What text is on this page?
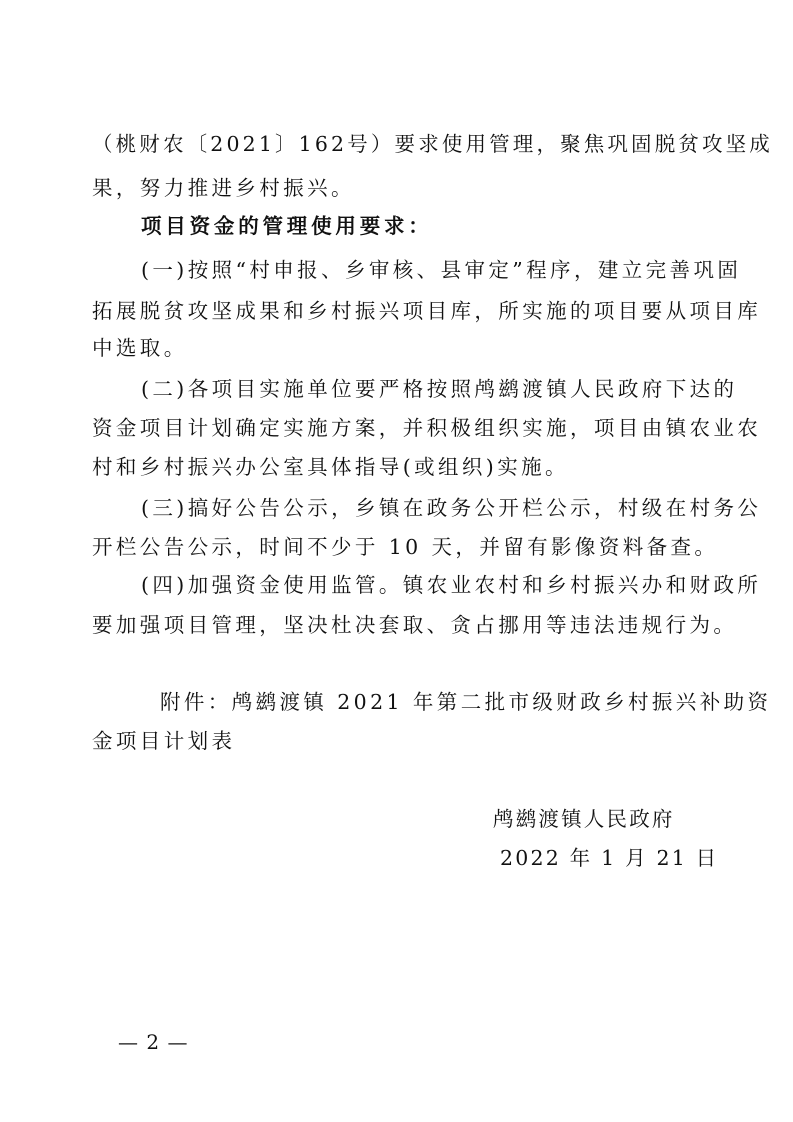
（桃财农〔2021〕162号）要求使用管理，聚焦巩固脱贫攻坚成
果，努力推进乡村振兴。
项目资金的管理使用要求：
(一)按照“村申报、乡审核、县审定”程序，建立完善巩固
拓展脱贫攻坚成果和乡村振兴项目库，所实施的项目要从项目库
中选取。
(二)各项目实施单位要严格按照鸬鹚渡镇人民政府下达的
资金项目计划确定实施方案，并积极组织实施，项目由镇农业农
村和乡村振兴办公室具体指导(或组织)实施。
(三)搞好公告公示，乡镇在政务公开栏公示，村级在村务公
开栏公告公示，时间不少于 10 天，并留有影像资料备查。
(四)加强资金使用监管。镇农业农村和乡村振兴办和财政所
要加强项目管理，坚决杜决套取、贪占挪用等违法违规行为。
附件：鸬鹚渡镇 2021 年第二批市级财政乡村振兴补助资
金项目计划表
鸬鹚渡镇人民政府
2022 年 1 月 21 日
— 2 —
